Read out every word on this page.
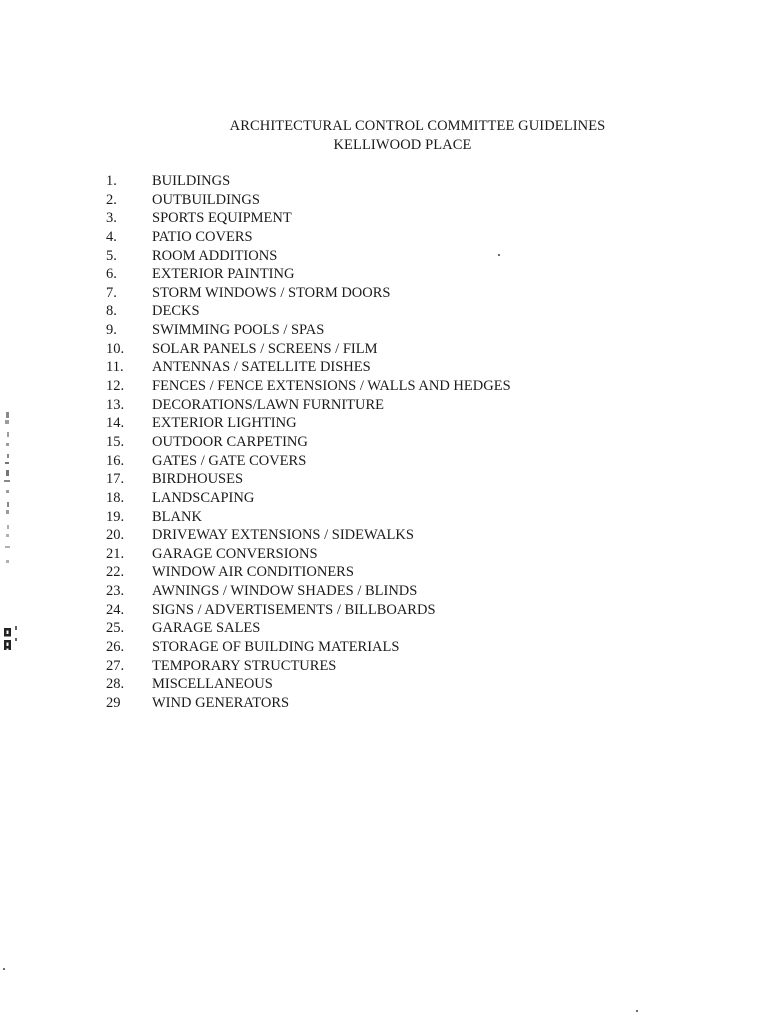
ARCHITECTURAL CONTROL COMMITTEE GUIDELINES
KELLIWOOD PLACE
1.	BUILDINGS
2.	OUTBUILDINGS
3.	SPORTS EQUIPMENT
4.	PATIO COVERS
5.	ROOM ADDITIONS
6.	EXTERIOR PAINTING
7.	STORM WINDOWS / STORM DOORS
8.	DECKS
9.	SWIMMING POOLS / SPAS
10.	SOLAR PANELS / SCREENS / FILM
11.	ANTENNAS / SATELLITE DISHES
12.	FENCES / FENCE EXTENSIONS / WALLS AND HEDGES
13.	DECORATIONS/LAWN FURNITURE
14.	EXTERIOR LIGHTING
15.	OUTDOOR CARPETING
16.	GATES / GATE COVERS
17.	BIRDHOUSES
18.	LANDSCAPING
19.	BLANK
20.	DRIVEWAY EXTENSIONS / SIDEWALKS
21.	GARAGE CONVERSIONS
22.	WINDOW AIR CONDITIONERS
23.	AWNINGS / WINDOW SHADES / BLINDS
24.	SIGNS / ADVERTISEMENTS / BILLBOARDS
25.	GARAGE SALES
26.	STORAGE OF BUILDING MATERIALS
27.	TEMPORARY STRUCTURES
28.	MISCELLANEOUS
29	WIND GENERATORS
